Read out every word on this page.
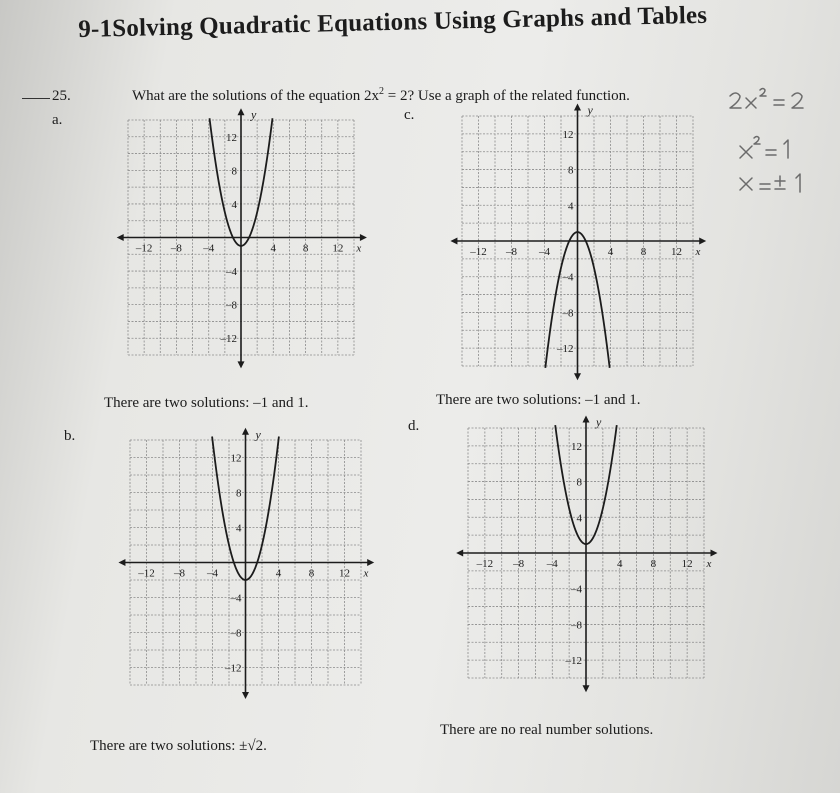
9-1Solving Quadratic Equations Using Graphs and Tables
25.	What are the solutions of the equation $2x^2 = 2$? Use a graph of the related function.
a.	c.
b.
d.
–12 –8 –4	4 8 12
12
8
4
–4
–8
–12
x
y
–12 –8 –4	4	8 12
12
8
4
–4
–8
–12
x
y
–12 –8 –4	4	8 12
12
8
4
–4
–8
–12
x
y
–12 –8 –4	4	8 12
12
8
4
–4
–8
–12
x
y
There are two solutions: –1 and 1.	There are two solutions: –1 and 1.
There are two solutions: ±√2.
There are no real number solutions.
